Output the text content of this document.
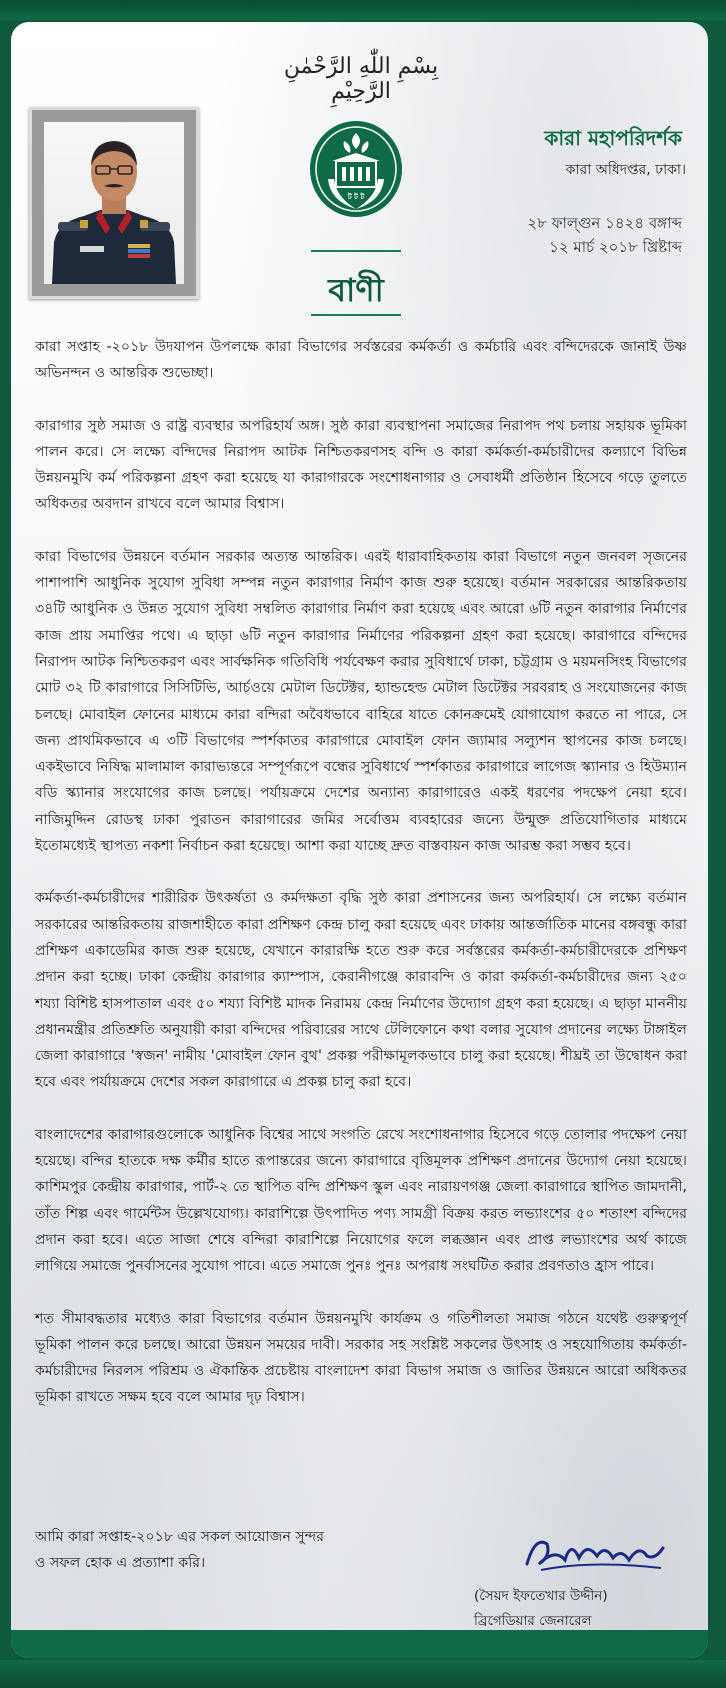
بِسْمِ اللّٰهِ الرَّحْمٰنِ الرَّحِيْمِ
ট ট ট
বাণী
কারা মহাপরিদর্শক
কারা অধিদপ্তর, ঢাকা।
২৮ ফাল্গুন ১৪২৪ বঙ্গাব্দ
১২ মার্চ ২০১৮ খ্রিষ্টাব্দ

কারা সপ্তাহ -২০১৮ উদযাপন উপলক্ষে কারা বিভাগের সর্বস্তরের কর্মকর্তা ও কর্মচারি এবং বন্দিদেরকে জানাই উষ্ণ অভিনন্দন ও আন্তরিক শুভেচ্ছা।

কারাগার সুষ্ঠ সমাজ ও রাষ্ট্র ব্যবস্থার অপরিহার্য অঙ্গ। সুষ্ঠ কারা ব্যবস্থাপনা সমাজের নিরাপদ পথ চলায় সহায়ক ভূমিকা পালন করে। সে লক্ষ্যে বন্দিদের নিরাপদ আটক নিশ্চিতকরণসহ বন্দি ও কারা কর্মকর্তা-কর্মচারীদের কল্যাণে বিভিন্ন উন্নয়নমুখি কর্ম পরিকল্পনা গ্রহণ করা হয়েছে যা কারাগারকে সংশোধনাগার ও সেবাধর্মী প্রতিষ্ঠান হিসেবে গড়ে তুলতে অধিকতর অবদান রাখবে বলে আমার বিশ্বাস।

কারা বিভাগের উন্নয়নে বর্তমান সরকার অত্যন্ত আন্তরিক। এরই ধারাবাহিকতায় কারা বিভাগে নতুন জনবল সৃজনের পাশাপাশি আধুনিক সুযোগ সুবিধা সম্পন্ন নতুন কারাগার নির্মাণ কাজ শুরু হয়েছে। বর্তমান সরকারের আন্তরিকতায় ৩৪টি আধুনিক ও উন্নত সুযোগ সুবিধা সম্বলিত কারাগার নির্মাণ করা হয়েছে এবং আরো ৬টি নতুন কারাগার নির্মাণের কাজ প্রায় সমাপ্তির পথে। এ ছাড়া ৬টি নতুন কারাগার নির্মাণের পরিকল্পনা গ্রহণ করা হয়েছে। কারাগারে বন্দিদের নিরাপদ আটক নিশ্চিতকরণ এবং সার্বক্ষনিক গতিবিধি পর্যবেক্ষণ করার সুবিধার্থে ঢাকা, চট্টগ্রাম ও ময়মনসিংহ বিভাগের মোট ৩২ টি কারাগারে সিসিটিভি, আর্চওয়ে মেটাল ডিটেক্টর, হ্যান্ডহেল্ড মেটাল ডিটেক্টর সরবরাহ ও সংযোজনের কাজ চলছে। মোবাইল ফোনের মাধ্যমে কারা বন্দিরা অবৈধভাবে বাহিরে যাতে কোনক্রমেই যোগাযোগ করতে না পারে, সে জন্য প্রাথমিকভাবে এ ৩টি বিভাগের স্পর্শকাতর কারাগারে মোবাইল ফোন জ্যামার সল্যুশন স্থাপনের কাজ চলছে। একইভাবে নিষিদ্ধ মালামাল কারাভ্যন্তরে সম্পূর্ণরূপে বন্ধের সুবিধার্থে স্পর্শকাতর কারাগারে লাগেজ স্ক্যানার ও হিউম্যান বডি স্ক্যানার সংযোগের কাজ চলছে। পর্যায়ক্রমে দেশের অন্যান্য কারাগারেও একই ধরণের পদক্ষেপ নেয়া হবে। নাজিমুদ্দিন রোডস্থ ঢাকা পুরাতন কারাগারের জমির সর্বোত্তম ব্যবহারের জন্যে উন্মুক্ত প্রতিযোগিতার মাধ্যমে ইতোমধ্যেই স্থাপত্য নকশা নির্বাচন করা হয়েছে। আশা করা যাচ্ছে দ্রুত বাস্তবায়ন কাজ আরম্ভ করা সম্ভব হবে।

কর্মকর্তা-কর্মচারীদের শারীরিক উৎকর্ষতা ও কর্মদক্ষতা বৃদ্ধি সুষ্ঠ কারা প্রশাসনের জন্য অপরিহার্য। সে লক্ষ্যে বর্তমান সরকারের আন্তরিকতায় রাজশাহীতে কারা প্রশিক্ষণ কেন্দ্র চালু করা হয়েছে এবং ঢাকায় আন্তর্জাতিক মানের বঙ্গবন্ধু কারা প্রশিক্ষণ একাডেমির কাজ শুরু হয়েছে, যেখানে কারারক্ষি হতে শুরু করে সর্বস্তরের কর্মকর্তা-কর্মচারীদেরকে প্রশিক্ষণ প্রদান করা হচ্ছে। ঢাকা কেন্দ্রীয় কারাগার ক্যাম্পাস, কেরানীগঞ্জে কারাবন্দি ও কারা কর্মকর্তা-কর্মচারীদের জন্য ২৫০ শয্যা বিশিষ্ট হাসপাতাল এবং ৫০ শয্যা বিশিষ্ট মাদক নিরাময় কেন্দ্র নির্মাণের উদ্যোগ গ্রহণ করা হয়েছে। এ ছাড়া মাননীয় প্রধানমন্ত্রীর প্রতিশ্রুতি অনুযায়ী কারা বন্দিদের পরিবারের সাথে টেলিফোনে কথা বলার সুযোগ প্রদানের লক্ষ্যে টাঙ্গাইল জেলা কারাগারে 'স্বজন' নামীয় 'মোবাইল ফোন বুথ' প্রকল্প পরীক্ষামূলকভাবে চালু করা হয়েছে। শীঘ্রই তা উদ্বোধন করা হবে এবং পর্যায়ক্রমে দেশের সকল কারাগারে এ প্রকল্প চালু করা হবে।

বাংলাদেশের কারাগারগুলোকে আধুনিক বিশ্বের সাথে সংগতি রেখে সংশোধনাগার হিসেবে গড়ে তোলার পদক্ষেপ নেয়া হয়েছে। বন্দির হাতকে দক্ষ কর্মীর হাতে রূপান্তরের জন্যে কারাগারে বৃত্তিমূলক প্রশিক্ষণ প্রদানের উদ্যোগ নেয়া হয়েছে। কাশিমপুর কেন্দ্রীয় কারাগার, পার্ট-২ তে স্থাপিত বন্দি প্রশিক্ষণ স্কুল এবং নারায়ণগঞ্জ জেলা কারাগারে স্থাপিত জামদানী, তাঁত শিল্প এবং গার্মেন্টস উল্লেখযোগ্য। কারাশিল্পে উৎপাদিত পণ্য সামগ্রী বিক্রয় করত লভ্যাংশের ৫০ শতাংশ বন্দিদের প্রদান করা হবে। এতে সাজা শেষে বন্দিরা কারাশিল্পে নিয়োগের ফলে লব্ধজ্ঞান এবং প্রাপ্ত লভ্যাংশের অর্থ কাজে লাগিয়ে সমাজে পুনর্বাসনের সুযোগ পাবে। এতে সমাজে পুনঃ পুনঃ অপরাধ সংঘটিত করার প্রবণতাও হ্রাস পাবে।

শত সীমাবদ্ধতার মধ্যেও কারা বিভাগের বর্তমান উন্নয়নমুখি কার্যক্রম ও গতিশীলতা সমাজ গঠনে যথেষ্ট গুরুত্বপূর্ণ ভূমিকা পালন করে চলছে। আরো উন্নয়ন সময়ের দাবী। সরকার সহ সংশ্লিষ্ট সকলের উৎসাহ ও সহযোগিতায় কর্মকর্তা-কর্মচারীদের নিরলস পরিশ্রম ও ঐকান্তিক প্রচেষ্টায় বাংলাদেশ কারা বিভাগ সমাজ ও জাতির উন্নয়নে আরো অধিকতর ভূমিকা রাখতে সক্ষম হবে বলে আমার দৃঢ় বিশ্বাস।

আমি কারা সপ্তাহ-২০১৮ এর সকল আয়োজন সুন্দর ও সফল হোক এ প্রত্যাশা করি।
(সৈয়দ ইফতেখার উদ্দীন)
ব্রিগেডিয়ার জেনারেল
